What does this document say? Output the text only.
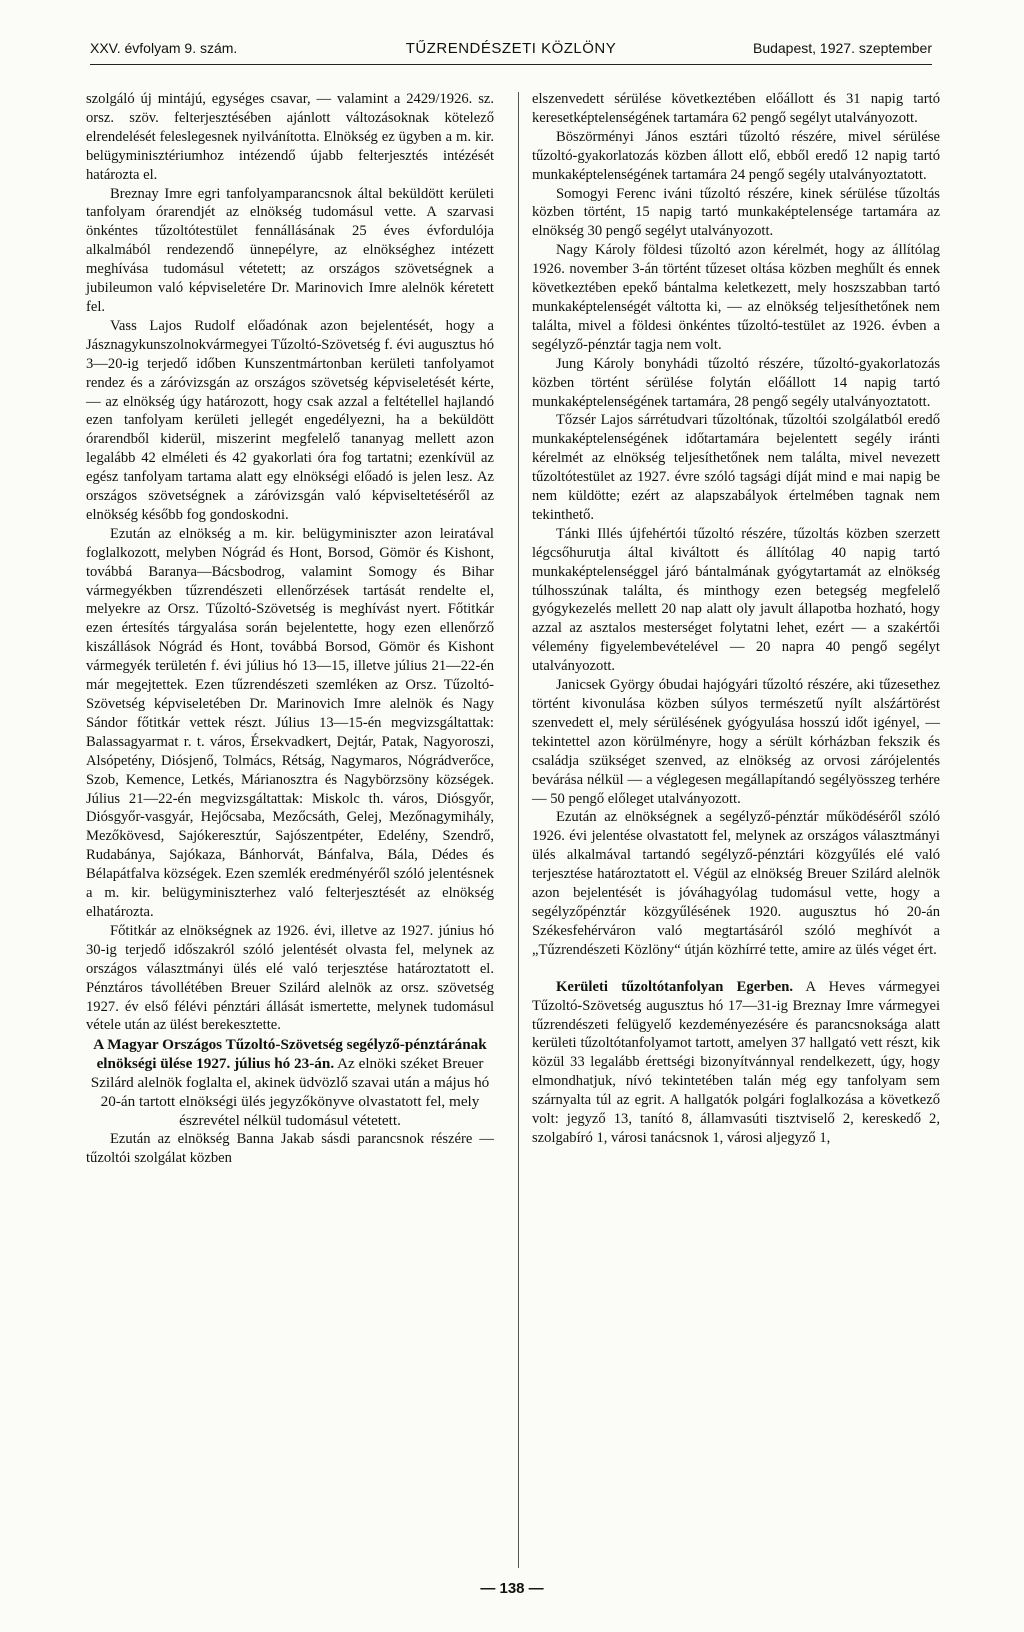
XXV. évfolyam 9. szám.	TŰZRENDÉSZETI KÖZLÖNY	Budapest, 1927. szeptember

szolgáló új mintájú, egységes csavar, — valamint a 2429/1926. sz. orsz. szöv. felterjesztésében ajánlott változásoknak kötelező elrendelését feleslegesnek nyilvánította. Elnökség ez ügyben a m. kir. belügyminisztériumhoz intézendő újabb felterjesztés intézését határozta el.

Breznay Imre egri tanfolyamparancsnok által beküldött kerületi tanfolyam órarendjét az elnökség tudomásul vette. A szarvasi önkéntes tűzoltótestület fennállásának 25 éves évfordulója alkalmából rendezendő ünnepélyre, az elnökséghez intézett meghívása tudomásul vétetett; az országos szövetségnek a jubileumon való képviseletére Dr. Marinovich Imre alelnök kéretett fel.

Vass Lajos Rudolf előadónak azon bejelentését, hogy a Jásznagykunszolnokvármegyei Tűzoltó-Szövetség f. évi augusztus hó 3—20-ig terjedő időben Kunszentmártonban kerületi tanfolyamot rendez és a záróvizsgán az országos szövetség képviseletését kérte, — az elnökség úgy határozott, hogy csak azzal a feltétellel hajlandó ezen tanfolyam kerületi jellegét engedélyezni, ha a beküldött órarendből kiderül, miszerint megfelelő tananyag mellett azon legalább 42 elméleti és 42 gyakorlati óra fog tartatni; ezenkívül az egész tanfolyam tartama alatt egy elnökségi előadó is jelen lesz. Az országos szövetségnek a záróvizsgán való képviseltetéséről az elnökség később fog gondoskodni.

Ezután az elnökség a m. kir. belügyminiszter azon leiratával foglalkozott, melyben Nógrád és Hont, Borsod, Gömör és Kishont, továbbá Baranya—Bácsbodrog, valamint Somogy és Bihar vármegyékben tűzrendészeti ellenőrzések tartását rendelte el, melyekre az Orsz. Tűzoltó-Szövetség is meghívást nyert. Főtitkár ezen értesítés tárgyalása során bejelentette, hogy ezen ellenőrző kiszállások Nógrád és Hont, továbbá Borsod, Gömör és Kishont vármegyék területén f. évi július hó 13—15, illetve július 21—22-én már megejtettek. Ezen tűzrendészeti szemléken az Orsz. Tűzoltó-Szövetség képviseletében Dr. Marinovich Imre alelnök és Nagy Sándor főtitkár vettek részt. Július 13—15-én megvizsgáltattak: Balassagyarmat r. t. város, Érsekvadkert, Dejtár, Patak, Nagyoroszi, Alsópetény, Diósjenő, Tolmács, Rétság, Nagymaros, Nógrádverőce, Szob, Kemence, Letkés, Márianosztra és Nagybörzsöny községek. Július 21—22-én megvizsgáltattak: Miskolc th. város, Diósgyőr, Diósgyőr-vasgyár, Hejőcsaba, Mezőcsáth, Gelej, Mezőnagymihály, Mezőkövesd, Sajókeresztúr, Sajószentpéter, Edelény, Szendrő, Rudabánya, Sajókaza, Bánhorvát, Bánfalva, Bála, Dédes és Bélapátfalva községek. Ezen szemlék eredményéről szóló jelentésnek a m. kir. belügyminiszterhez való felterjesztését az elnökség elhatározta.

Főtitkár az elnökségnek az 1926. évi, illetve az 1927. június hó 30-ig terjedő időszakról szóló jelentését olvasta fel, melynek az országos választmányi ülés elé való terjesztése határoztatott el. Pénztáros távollétében Breuer Szilárd alelnök az orsz. szövetség 1927. év első félévi pénztári állását ismertette, melynek tudomásul vétele után az ülést berekesztette.

A Magyar Országos Tűzoltó-Szövetség segélyző-pénztárának elnökségi ülése 1927. július hó 23-án. Az elnöki széket Breuer Szilárd alelnök foglalta el, akinek üdvözlő szavai után a május hó 20-án tartott elnökségi ülés jegyzőkönyve olvastatott fel, mely észrevétel nélkül tudomásul vétetett.

Ezután az elnökség Banna Jakab sásdi parancsnok részére — tűzoltói szolgálat közben

elszenvedett sérülése következtében előállott és 31 napig tartó keresetképtelenségének tartamára 62 pengő segélyt utalványozott.

Böszörményi János esztári tűzoltó részére, mivel sérülése tűzoltó-gyakorlatozás közben állott elő, ebből eredő 12 napig tartó munkaképtelenségének tartamára 24 pengő segély utalványoztatott.

Somogyi Ferenc iváni tűzoltó részére, kinek sérülése tűzoltás közben történt, 15 napig tartó munkaképtelensége tartamára az elnökség 30 pengő segélyt utalványozott.

Nagy Károly földesi tűzoltó azon kérelmét, hogy az állítólag 1926. november 3-án történt tűzeset oltása közben meghűlt és ennek következtében epekő bántalma keletkezett, mely hoszszabban tartó munkaképtelenségét váltotta ki, — az elnökség teljesíthetőnek nem találta, mivel a földesi önkéntes tűzoltó-testület az 1926. évben a segélyző-pénztár tagja nem volt.

Jung Károly bonyhádi tűzoltó részére, tűzoltó-gyakorlatozás közben történt sérülése folytán előállott 14 napig tartó munkaképtelenségének tartamára, 28 pengő segély utalványoztatott.

Tőzsér Lajos sárrétudvari tűzoltónak, tűzoltói szolgálatból eredő munkaképtelenségének időtartamára bejelentett segély iránti kérelmét az elnökség teljesíthetőnek nem találta, mivel nevezett tűzoltótestület az 1927. évre szóló tagsági díját mind e mai napig be nem küldötte; ezért az alapszabályok értelmében tagnak nem tekinthető.

Tánki Illés újfehértói tűzoltó részére, tűzoltás közben szerzett légcsőhurutja által kiváltott és állítólag 40 napig tartó munkaképtelenséggel járó bántalmának gyógytartamát az elnökség túlhosszúnak találta, és minthogy ezen betegség megfelelő gyógykezelés mellett 20 nap alatt oly javult állapotba hozható, hogy azzal az asztalos mesterséget folytatni lehet, ezért — a szakértői vélemény figyelembevételével — 20 napra 40 pengő segélyt utalványozott.

Janicsek György óbudai hajógyári tűzoltó részére, aki tűzesethez történt kivonulása közben súlyos természetű nyílt alsźártörést szenvedett el, mely sérülésének gyógyulása hosszú időt igényel, — tekintettel azon körülményre, hogy a sérült kórházban fekszik és családja szükséget szenved, az elnökség az orvosi zárójelentés bevárása nélkül — a véglegesen megállapítandó segélyösszeg terhére — 50 pengő előleget utalványozott.

Ezután az elnökségnek a segélyző-pénztár működéséről szóló 1926. évi jelentése olvastatott fel, melynek az országos választmányi ülés alkalmával tartandó segélyző-pénztári közgyűlés elé való terjesztése határoztatott el. Végül az elnökség Breuer Szilárd alelnök azon bejelentését is jóváhagyólag tudomásul vette, hogy a segélyzőpénztár közgyűlésének 1920. augusztus hó 20-án Székesfehérváron való megtartásáról szóló meghívót a „Tűzrendészeti Közlöny“ útján közhírré tette, amire az ülés véget ért.

Kerületi tűzoltótanfolyan Egerben. A Heves vármegyei Tűzoltó-Szövetség augusztus hó 17—31-ig Breznay Imre vármegyei tűzrendészeti felügyelő kezdeményezésére és parancsnoksága alatt kerületi tűzoltótanfolyamot tartott, amelyen 37 hallgató vett részt, kik közül 33 legalább érettségi bizonyítvánnyal rendelkezett, úgy, hogy elmondhatjuk, nívó tekintetében talán még egy tanfolyam sem szárnyalta túl az egrit. A hallgatók polgári foglalkozása a következő volt: jegyző 13, tanító 8, államvasúti tisztviselő 2, kereskedő 2, szolgabíró 1, városi tanácsnok 1, városi aljegyző 1,

— 138 —
